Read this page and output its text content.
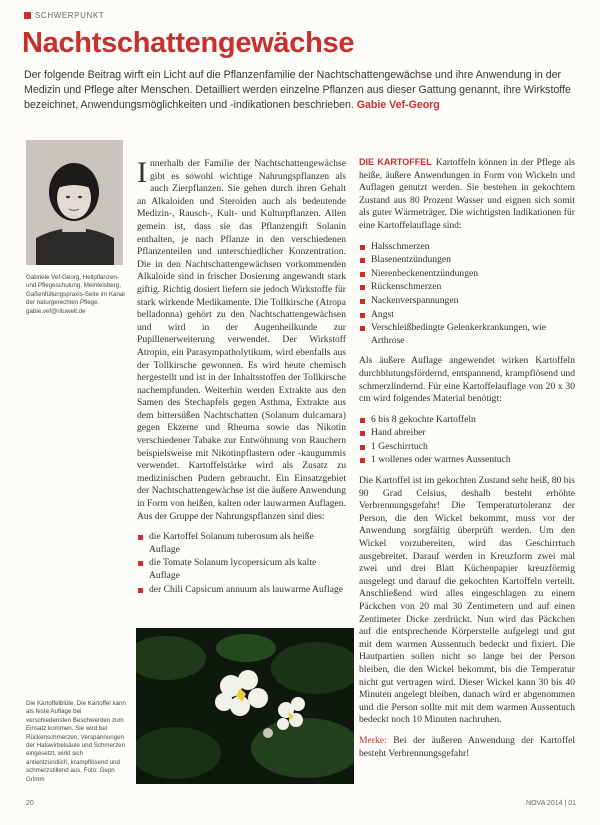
SCHWERPUNKT
Nachtschattengewächse

Der folgende Beitrag wirft ein Licht auf die Pflanzenfamilie der Nachtschattengewächse und ihre Anwendung in der Medizin und Pflege alter Menschen. Detailliert werden einzelne Pflanzen aus dieser Gattung genannt, ihre Wirkstoffe bezeichnet, Anwendungsmöglichkeiten und -indikationen beschrieben. Gabie Vef-Georg

Gabriele Vef-Georg, Heilpflanzen- und Pflegeschulung, Meintelsberg, Gaßenfüllungspraxis-Seite im Kanal der naturgerechten Pflege. gabie.vef@rituwelt.de

Innerhalb der Familie der Nachtschattengewächse gibt es sowohl wichtige Nahrungspflanzen als auch Zierpflanzen. Sie gehen durch ihren Gehalt an Alkaloiden und Steroiden auch als bedeutende Medizin-, Rausch-, Kult- und Kulturpflanzen. Allen gemein ist, dass sie das Pflanzengift Solanin enthalten, je nach Pflanze in den verschiedenen Pflanzenteilen und unterschiedlicher Konzentration. Die in den Nachtschattengewächsen vorkommenden Alkaloide sind in frischer Dosierung angewandt stark giftig. Richtig dosiert liefern sie jedoch Wirkstoffe für stark wirkende Medikamente. Die Tollkirsche (Atropa belladonna) gehört zu den Nachtschattengewächsen und wird in der Augenheilkunde zur Pupillenerweiterung verwendet. Der Wirkstoff Atropin, ein Parasympatholytikum, wird ebenfalls aus der Tollkirsche gewonnen. Es wird heute chemisch hergestellt und ist in der Inhaltsstoffen der Tollkirsche nachempfunden. Weiterhin werden Extrakte aus den Samen des Stechapfels gegen Asthma, Extrakte aus dem bittersüßen Nachtschatten (Solanum dulcamara) gegen Ekzeme und Rheuma sowie das Nikotin verschiedener Tabake zur Entwöhnung von Rauchern beispielsweise mit Nikotinpflastern oder -kaugummis verwendet. Kartoffelstärke wird als Zusatz zu medizinischen Pudern gebraucht. Ein Einsatzgebiet der Nachtschattengewächse ist die äußere Anwendung in Form von heißen, kalten oder lauwarmen Auflagen. Aus der Gruppe der Nahrungspflanzen sind dies:

die Kartoffel Solanum tuberosum als heiße Auflage
die Tomate Solanum lycopersicum als kalte Auflage
der Chili Capsicum annuum als lauwarme Auflage
Die Kartoffelblüte. Die Kartoffel kann als feste Auflage bei verschiedensten Beschwerden zum Einsatz kommen. Sie wird bei Rückenschmerzen, Verspannungen der Halswirbelsäule und Schmerzen eingesetzt, wirkt sich antientzündlich, krampflösend und schmerzstillend aus. Foto: Gepn Grimm

DIE KARTOFFEL Kartoffeln können in der Pflege als heiße, äußere Anwendungen in Form von Wickeln und Auflagen genutzt werden. Sie bestehen in gekochtem Zustand aus 80 Prozent Wasser und eignen sich somit als guter Wärmeträger. Die wichtigsten Indikationen für eine Kartoffelauflage sind:

Halsschmerzen
Blasenentzündungen
Nierenbeckenentzündungen
Rückenschmerzen
Nackenverspannungen
Angst
Verschleißbedingte Gelenkerkrankungen, wie Arthrose

Als äußere Auflage angewendet wirken Kartoffeln durchblutungsfördernd, entspannend, krampflösend und schmerzlindernd. Für eine Kartoffelauflage von 20 x 30 cm wird folgendes Material benötigt:

6 bis 8 gekochte Kartoffeln
Hand abreiber
1 Geschirrtuch
1 wollenes oder warmes Aussentuch

Die Kartoffel ist im gekochten Zustand sehr heiß, 80 bis 90 Grad Celsius, deshalb besteht erhöhte Verbrennungsgefahr! Die Temperaturtoleranz der Person, die den Wickel bekommt, muss vor der Anwendung sorgfältig überprüft werden. Um den Wickel vorzubereiten, wird das Geschirrtuch ausgebreitet. Darauf werden in Kreuzform zwei mal zwei und drei Blatt Küchenpapier kreuzförmig ausgelegt und darauf die gekochten Kartoffeln verteilt. Anschließend wird alles eingeschlagen zu einem Päckchen von 20 mal 30 Zentimetern und auf einen Zentimeter Dicke zerdrückt. Nun wird das Päckchen auf die entsprechende Körperstelle aufgelegt und gut mit dem warmen Aussentuch bedeckt und fixiert. Die Hautpartien sollen nicht so lange bei der Person bleiben, die den Wickel bekommt, bis die Temperatur nicht gut vertragen wird. Dieser Wickel kann 30 bis 40 Minuten angelegt bleiben, danach wird er abgenommen und die Person sollte mit mit dem warmen Aussentuch bedeckt noch 10 Minuten nachruhen.

Merke: Bei der äußeren Anwendung der Kartoffel besteht Verbrennungsgefahr!

20	NOVA 2014 | 01
